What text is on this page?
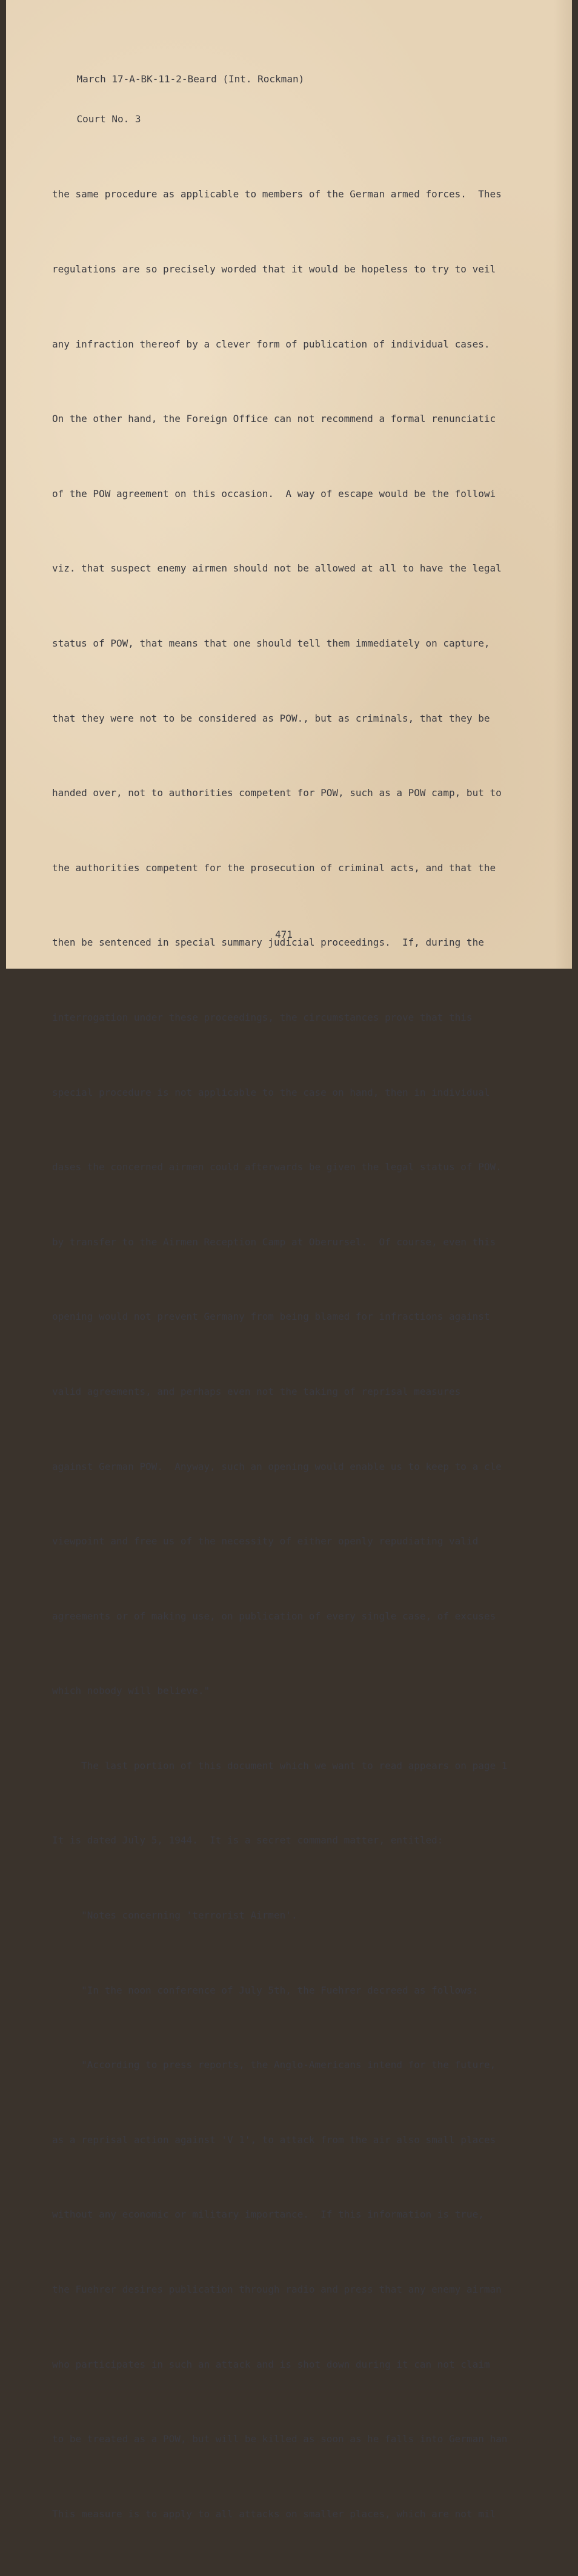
March 17-A-BK-11-2-Beard (Int. Rockman)

Court No. 3

the same procedure as applicable to members of the German armed forces.  Thes

regulations are so precisely worded that it would be hopeless to try to veil

any infraction thereof by a clever form of publication of individual cases.

On the other hand, the Foreign Office can not recommend a formal renunciatic

of the POW agreement on this occasion.  A way of escape would be the followi

viz. that suspect enemy airmen should not be allowed at all to have the legal

status of POW, that means that one should tell them immediately on capture,

that they were not to be considered as POW., but as criminals, that they be

handed over, not to authorities competent for POW, such as a POW camp, but to

the authorities competent for the prosecution of criminal acts, and that the

then be sentenced in special summary judicial proceedings.  If, during the

interrogation under these proceedings, the circumstances prove that this

special procedure is not applicable to the case on hand, then in individual

dases the concerned airmen could afterwards be given the legal status of POW.

by transfer to the Airmen Reception Camp at Oberursel.  Of course, even this

opening would not prevent Germany from being blamed for infractions against

valid agreements, and perhaps even not the taking of reprisal measures

against German POW.  Anyway, such an opening would enable us to keep to a cle

viewpoint and free us of the necessity of either openly repudiating valid

agreements or of making use, on publication of every single case, of excuses

which nobody will believe."

The last portion of this document which we want to read appears on page 1

It is dated July 5, 1944.  It is a secret command matter, entitled:

"Notes concerning 'terrorist Airmen'.

"In the noon conference of July 5th, the Fuehrer decreed as follows:

"According to press reports, the Anglo-Americans intend for the future,

as a reprisal action against 'V 1', to attack from the air also small places

without any economic or military importance.  If this information is true,

the Fuehrer desires publication through radio and press that any enemy airman

who participates in such an attack and is shot down during it can not claim

to be treated as a POW, but will be killed as soon as he falls into German han

This measure is to apply to all attacks on smaller places, which are not mil

471
